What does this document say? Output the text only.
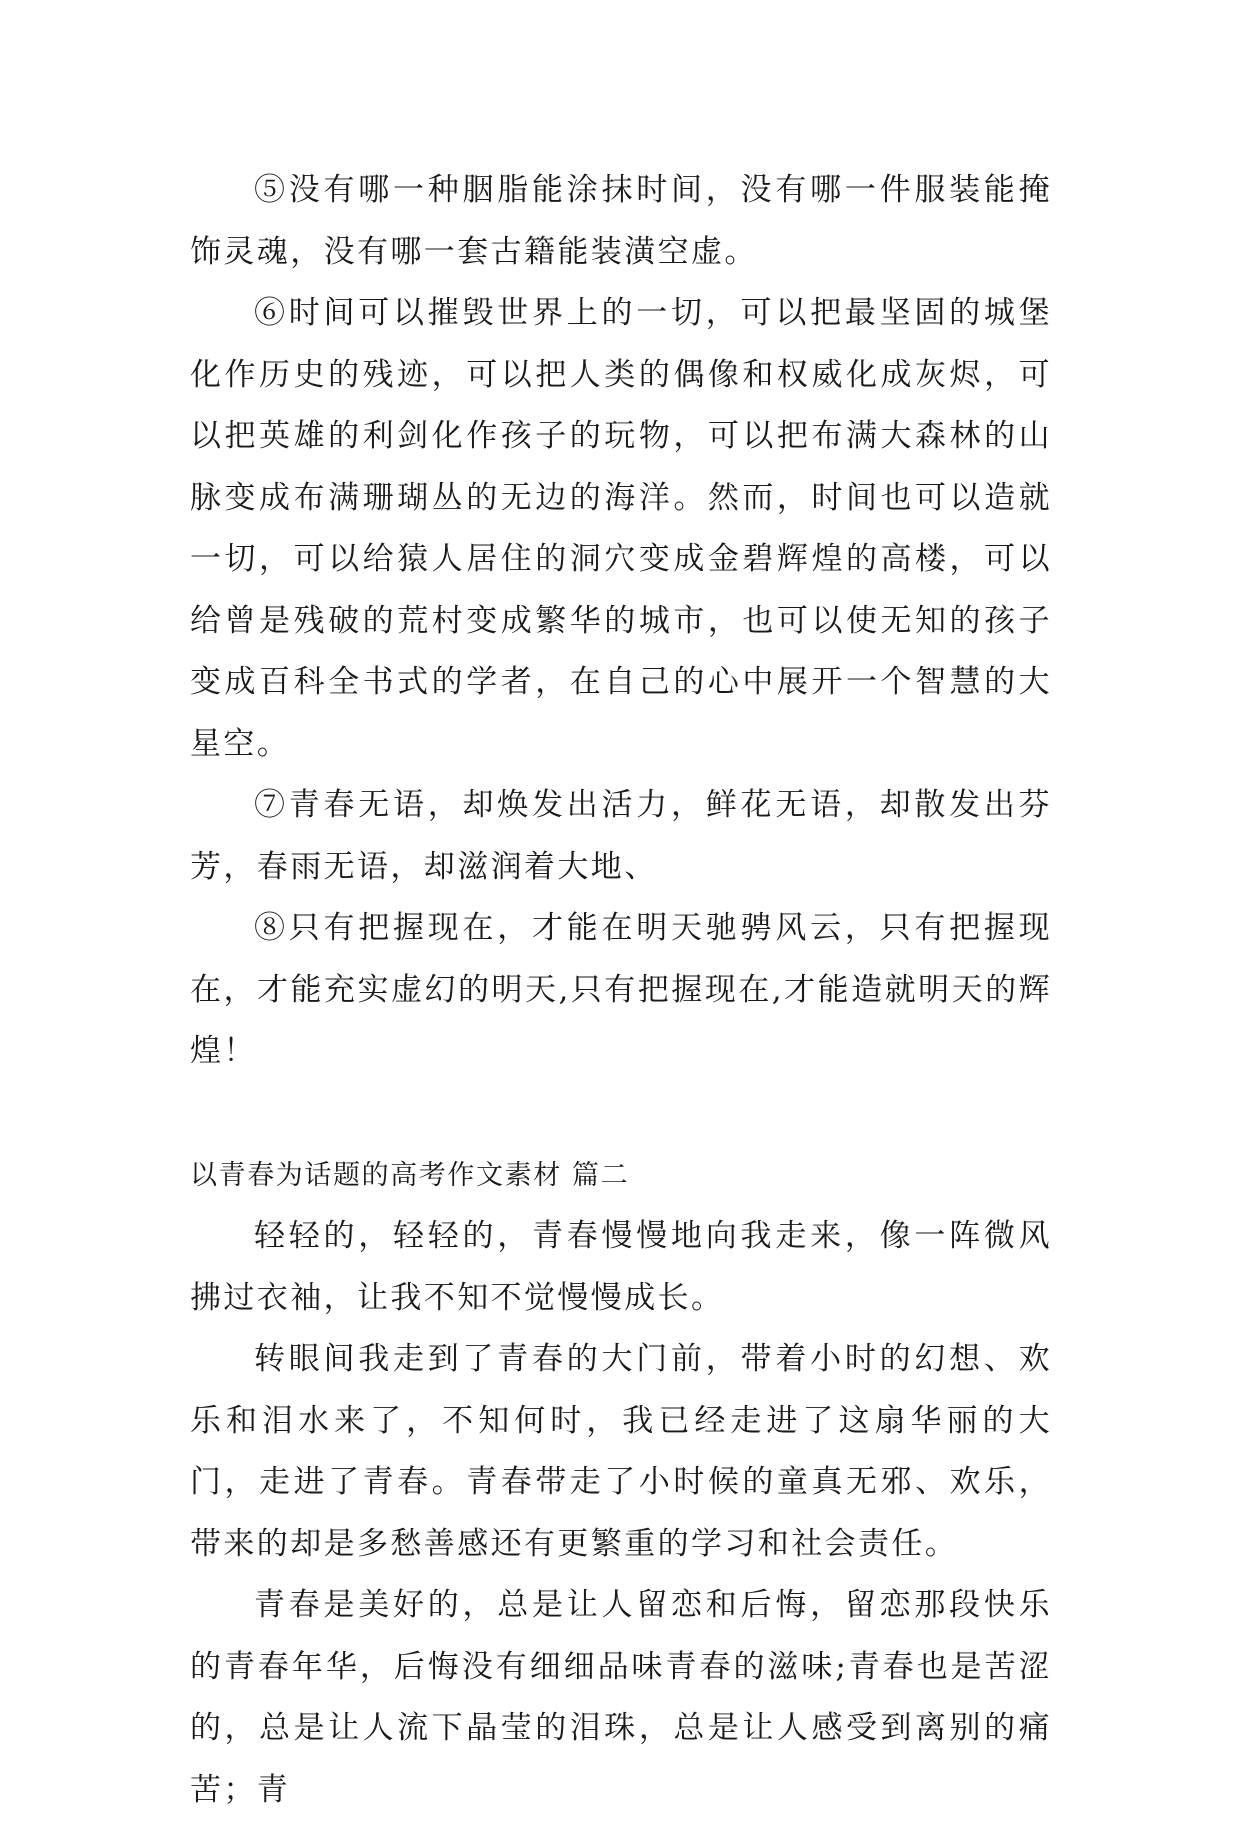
⑤没有哪一种胭脂能涂抹时间，没有哪一件服装能掩饰灵魂，没有哪一套古籍能装潢空虚。

⑥时间可以摧毁世界上的一切，可以把最坚固的城堡化作历史的残迹，可以把人类的偶像和权威化成灰烬，可以把英雄的利剑化作孩子的玩物，可以把布满大森林的山脉变成布满珊瑚丛的无边的海洋。然而，时间也可以造就一切，可以给猿人居住的洞穴变成金碧辉煌的高楼，可以给曾是残破的荒村变成繁华的城市，也可以使无知的孩子变成百科全书式的学者，在自己的心中展开一个智慧的大星空。

⑦青春无语，却焕发出活力，鲜花无语，却散发出芬芳，春雨无语，却滋润着大地、

⑧只有把握现在，才能在明天驰骋风云，只有把握现在，才能充实虚幻的明天,只有把握现在,才能造就明天的辉煌！

以青春为话题的高考作文素材 篇二

轻轻的，轻轻的，青春慢慢地向我走来，像一阵微风拂过衣袖，让我不知不觉慢慢成长。

转眼间我走到了青春的大门前，带着小时的幻想、欢乐和泪水来了，不知何时，我已经走进了这扇华丽的大门，走进了青春。青春带走了小时候的童真无邪、欢乐，带来的却是多愁善感还有更繁重的学习和社会责任。

青春是美好的，总是让人留恋和后悔，留恋那段快乐的青春年华，后悔没有细细品味青春的滋味;青春也是苦涩的，总是让人流下晶莹的泪珠，总是让人感受到离别的痛苦；青
